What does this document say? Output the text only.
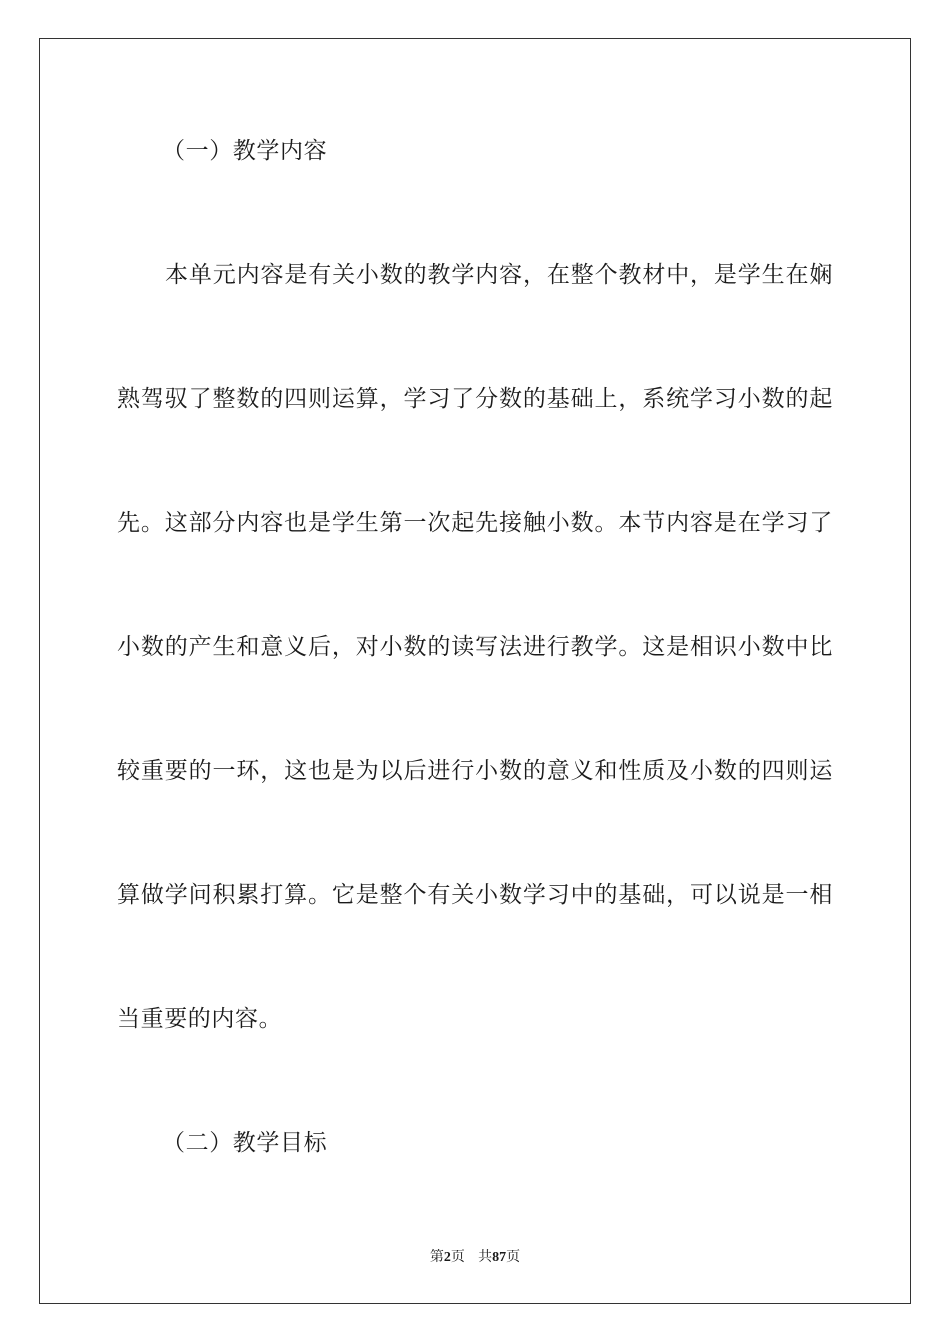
（一）教学内容
本单元内容是有关小数的教学内容，在整个教材中，是学生在娴
熟驾驭了整数的四则运算，学习了分数的基础上，系统学习小数的起
先。这部分内容也是学生第一次起先接触小数。本节内容是在学习了
小数的产生和意义后，对小数的读写法进行教学。这是相识小数中比
较重要的一环，这也是为以后进行小数的意义和性质及小数的四则运
算做学问积累打算。它是整个有关小数学习中的基础，可以说是一相
当重要的内容。
（二）教学目标
第2页 共87页
